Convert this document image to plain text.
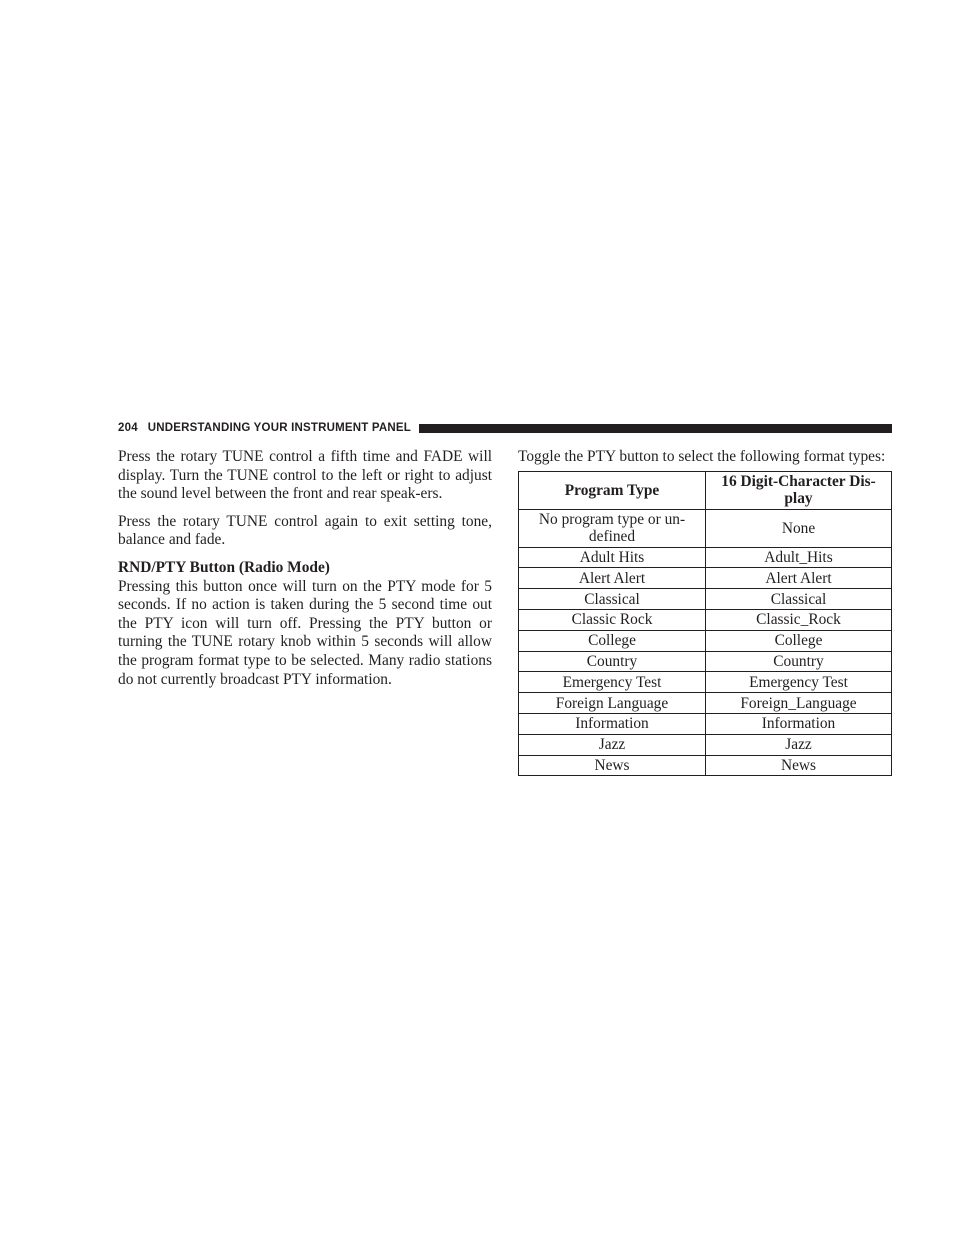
204 UNDERSTANDING YOUR INSTRUMENT PANEL

Press the rotary TUNE control a fifth time and FADE will display. Turn the TUNE control to the left or right to adjust the sound level between the front and rear speak-ers.

Press the rotary TUNE control again to exit setting tone, balance and fade.

RND/PTY Button (Radio Mode)

Pressing this button once will turn on the PTY mode for 5 seconds. If no action is taken during the 5 second time out the PTY icon will turn off. Pressing the PTY button or turning the TUNE rotary knob within 5 seconds will allow the program format type to be selected. Many radio stations do not currently broadcast PTY information.

Toggle the PTY button to select the following format types:

Program Type	16 Digit-Character Dis-play
No program type or un-defined	None
Adult Hits	Adult_Hits
Alert Alert	Alert Alert
Classical	Classical
Classic Rock	Classic_Rock
College	College
Country	Country
Emergency Test	Emergency Test
Foreign Language	Foreign_Language
Information	Information
Jazz	Jazz
News	News
